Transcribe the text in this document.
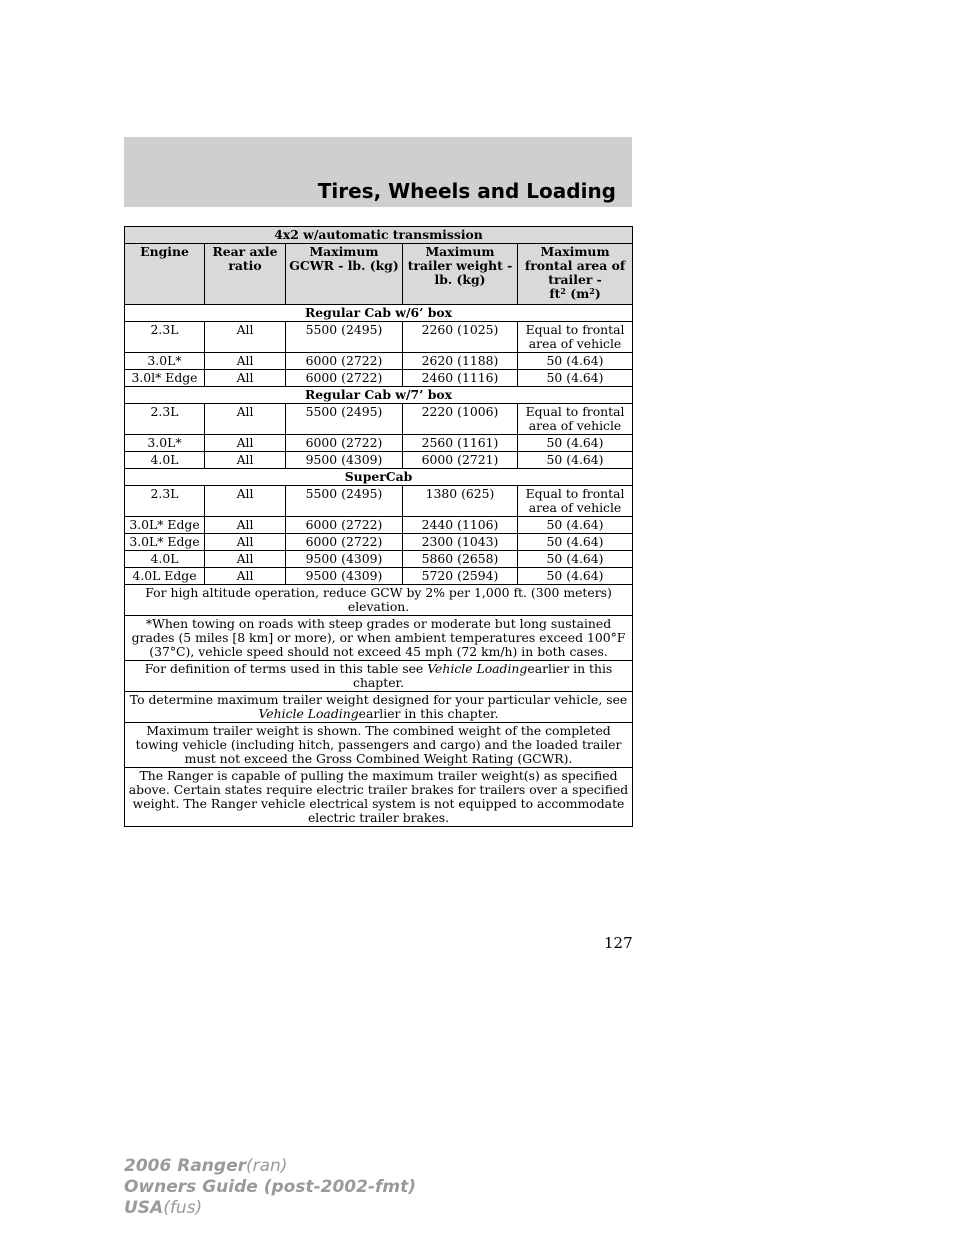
Tires, Wheels and Loading
4x2 w/automatic transmission				
Engine	Rear axle ratio	Maximum GCWR - lb. (kg)	Maximum trailer weight - lb. (kg)	Maximum frontal area of trailer -
$ft^2$ $(m^2)$
Regular Cab w/6’ box				
2.3L	All	5500 (2495)	2260 (1025)	Equal to frontal area of vehicle
3.0L*	All	6000 (2722)	2620 (1188)	50 (4.64)
3.0l* Edge	All	6000 (2722)	2460 (1116)	50 (4.64)
Regular Cab w/7’ box				
2.3L	All	5500 (2495)	2220 (1006)	Equal to frontal area of vehicle
3.0L*	All	6000 (2722)	2560 (1161)	50 (4.64)
4.0L	All	9500 (4309)	6000 (2721)	50 (4.64)
SuperCab				
2.3L	All	5500 (2495)	1380 (625)	Equal to frontal area of vehicle
3.0L* Edge	All	6000 (2722)	2440 (1106)	50 (4.64)
3.0L* Edge	All	6000 (2722)	2300 (1043)	50 (4.64)
4.0L	All	9500 (4309)	5860 (2658)	50 (4.64)
4.0L Edge	All	9500 (4309)	5720 (2594)	50 (4.64)
For high altitude operation, reduce GCW by 2% per 1,000 ft. (300 meters) elevation.				
*When towing on roads with steep grades or moderate but long sustained grades (5 miles [8 km] or more), or when ambient temperatures exceed 100°F (37°C), vehicle speed should not exceed 45 mph (72 km/h) in both cases.				
For definition of terms used in this table see Vehicle Loadingearlier in this chapter.				
To determine maximum trailer weight designed for your particular vehicle, see Vehicle Loadingearlier in this chapter.				
Maximum trailer weight is shown. The combined weight of the completed towing vehicle (including hitch, passengers and cargo) and the loaded trailer must not exceed the Gross Combined Weight Rating (GCWR).				
The Ranger is capable of pulling the maximum trailer weight(s) as specified above. Certain states require electric trailer brakes for trailers over a specified weight. The Ranger vehicle electrical system is not equipped to accommodate electric trailer brakes.				
127
2006 Ranger(ran)
Owners Guide (post-2002-fmt)
USA(fus)
